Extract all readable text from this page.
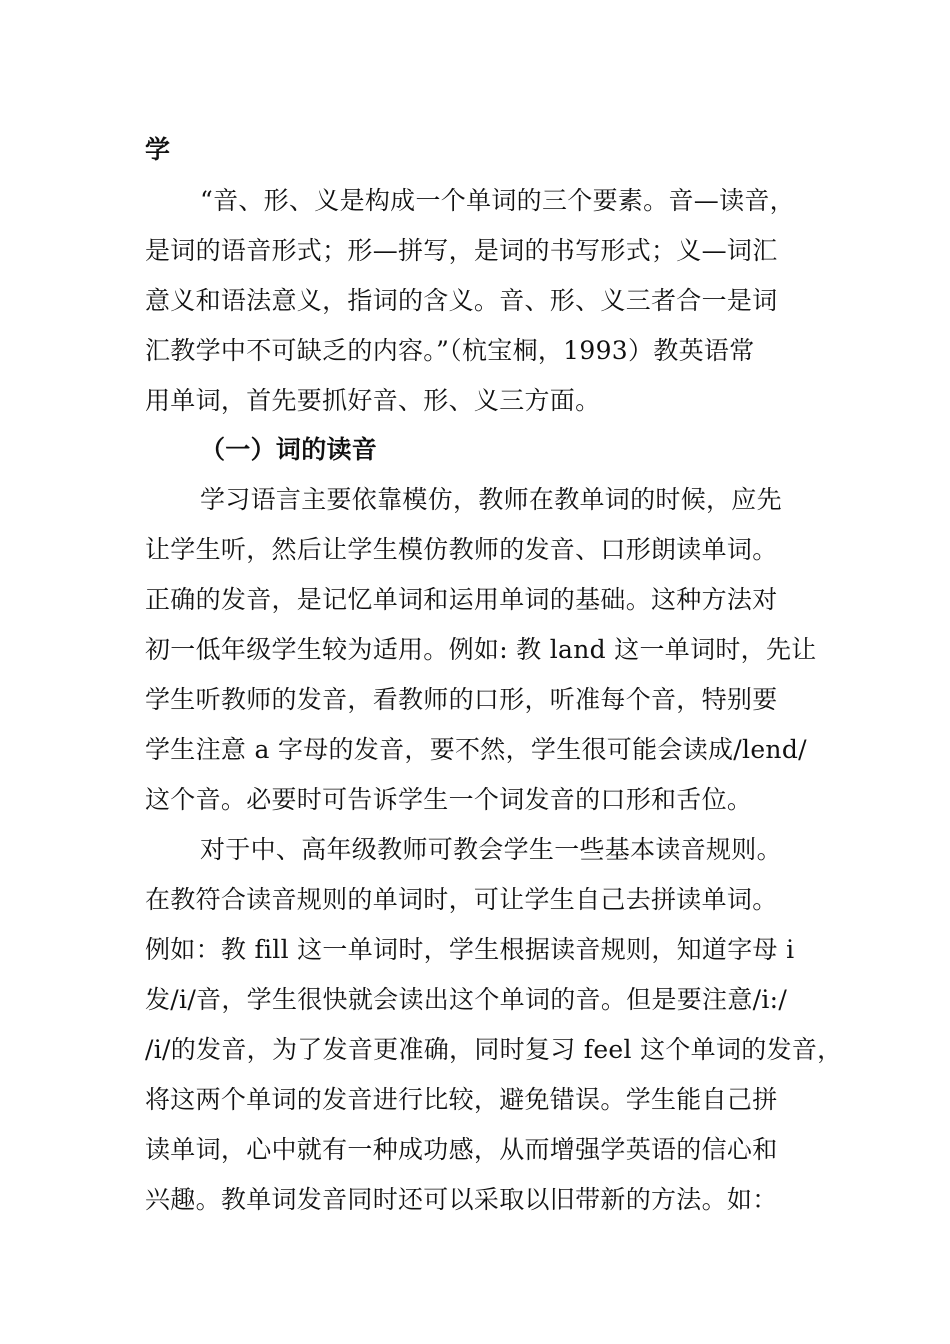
学
“音、形、义是构成一个单词的三个要素。音—读音，
是词的语音形式；形—拼写，是词的书写形式；义—词汇
意义和语法意义，指词的含义。音、形、义三者合一是词
汇教学中不可缺乏的内容。”（杭宝桐，1993）教英语常
用单词，首先要抓好音、形、义三方面。
（一）词的读音
学习语言主要依靠模仿，教师在教单词的时候，应先
让学生听，然后让学生模仿教师的发音、口形朗读单词。
正确的发音，是记忆单词和运用单词的基础。这种方法对
初一低年级学生较为适用。例如: 教 land 这一单词时，先让
学生听教师的发音，看教师的口形，听准每个音，特别要
学生注意 a 字母的发音，要不然，学生很可能会读成/lend/
这个音。必要时可告诉学生一个词发音的口形和舌位。
对于中、高年级教师可教会学生一些基本读音规则。
在教符合读音规则的单词时，可让学生自己去拼读单词。
例如：教 fill 这一单词时，学生根据读音规则，知道字母 i
发/i/音，学生很快就会读出这个单词的音。但是要注意/i:/
/i/的发音，为了发音更准确，同时复习 feel 这个单词的发音，
将这两个单词的发音进行比较，避免错误。学生能自己拼
读单词，心中就有一种成功感，从而增强学英语的信心和
兴趣。教单词发音同时还可以采取以旧带新的方法。如：
